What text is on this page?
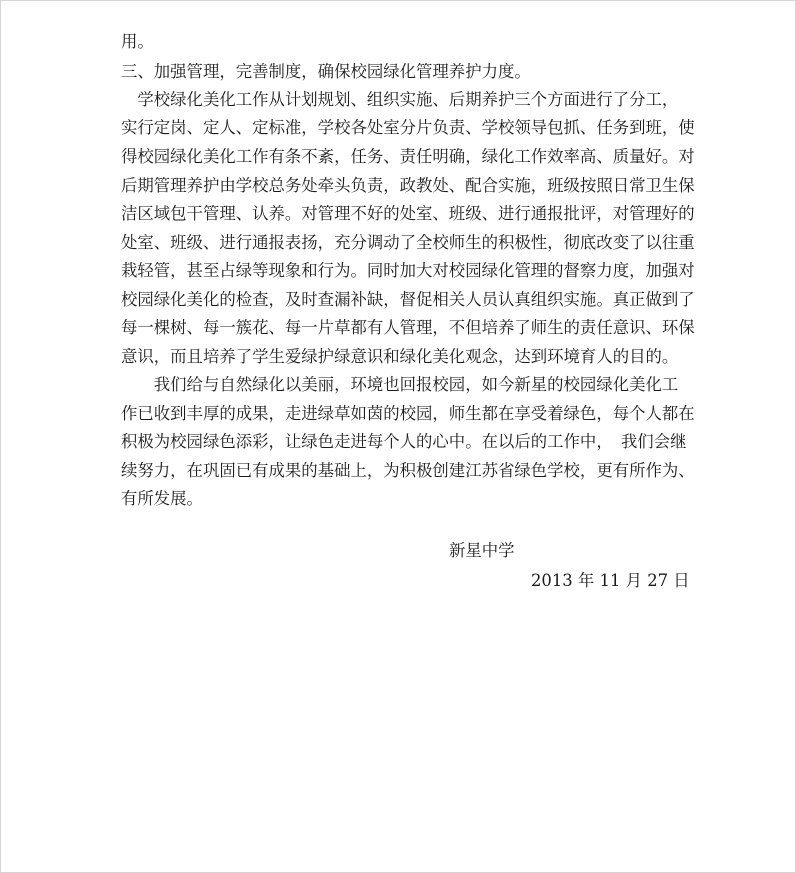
用。

三、加强管理，完善制度，确保校园绿化管理养护力度。

　学校绿化美化工作从计划规划、组织实施、后期养护三个方面进行了分工，

实行定岗、定人、定标准，学校各处室分片负责、学校领导包抓、任务到班，使

得校园绿化美化工作有条不紊，任务、责任明确，绿化工作效率高、质量好。对

后期管理养护由学校总务处牵头负责，政教处、配合实施，班级按照日常卫生保

洁区域包干管理、认养。对管理不好的处室、班级、进行通报批评，对管理好的

处室、班级、进行通报表扬，充分调动了全校师生的积极性，彻底改变了以往重

栽轻管，甚至占绿等现象和行为。同时加大对校园绿化管理的督察力度，加强对

校园绿化美化的检查，及时查漏补缺，督促相关人员认真组织实施。真正做到了

每一棵树、每一簇花、每一片草都有人管理，不但培养了师生的责任意识、环保

意识，而且培养了学生爱绿护绿意识和绿化美化观念，达到环境育人的目的。

　　我们给与自然绿化以美丽，环境也回报校园，如今新星的校园绿化美化工

作已收到丰厚的成果，走进绿草如茵的校园，师生都在享受着绿色，每个人都在

积极为校园绿色添彩，让绿色走进每个人的心中。在以后的工作中，　我们会继

续努力，在巩固已有成果的基础上，为积极创建江苏省绿色学校，更有所作为、

有所发展。

新星中学

2013 年 11 月 27 日
